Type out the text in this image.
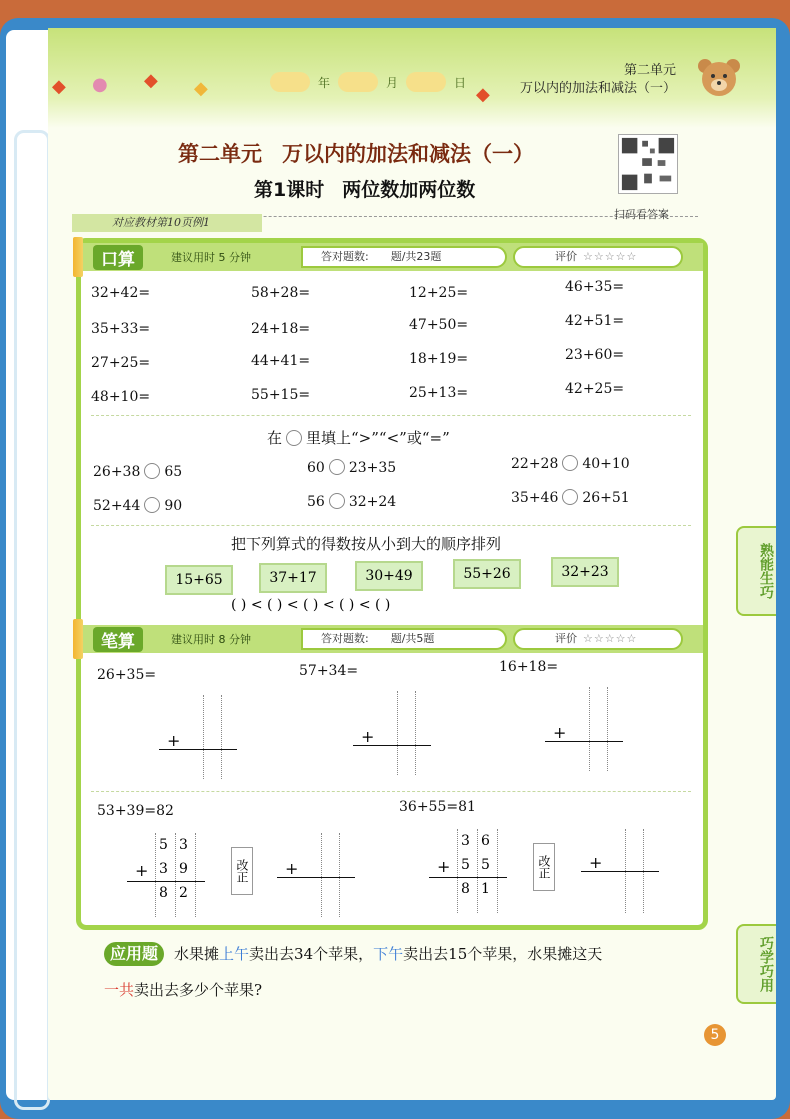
◆ ● ◆ ◆	◆
年	月	日
第二单元
万以内的加法和减法（一）
第二单元 万以内的加法和减法（一）
第1课时 两位数加两位数
对应教材第10页例1
扫码看答案
口算	建议用时 5 分钟	答对题数: 题/共23题	评价 ☆☆☆☆☆
32+42=	58+28=	12+25=	46+35=
35+33=	24+18=	47+50=	42+51=
27+25=	44+41=	18+19=	23+60=
48+10=	55+15=	25+13=	42+25=
在 里填上“>”“<”或“=”
26+38 65	60 23+35	22+28 40+10
52+44 90	56 32+24	35+46 26+51
把下列算式的得数按从小到大的顺序排列
15+65	37+17	30+49	55+26	32+23
( ) < ( ) < ( ) < ( ) < ( )
笔算	建议用时 8 分钟	答对题数: 题/共5题	评价 ☆☆☆☆☆
26+35=	57+34=	16+18=
+	+	+
53+39=82	36+55=81
5 3
+ 3 9
8 2
改正 +
3 6
+ 5 5
8 1
改正 +
熟能生巧
巧学巧用
应用题 水果摊上午卖出去34个苹果，下午卖出去15个苹果，水果摊这天
一共卖出去多少个苹果?
5
